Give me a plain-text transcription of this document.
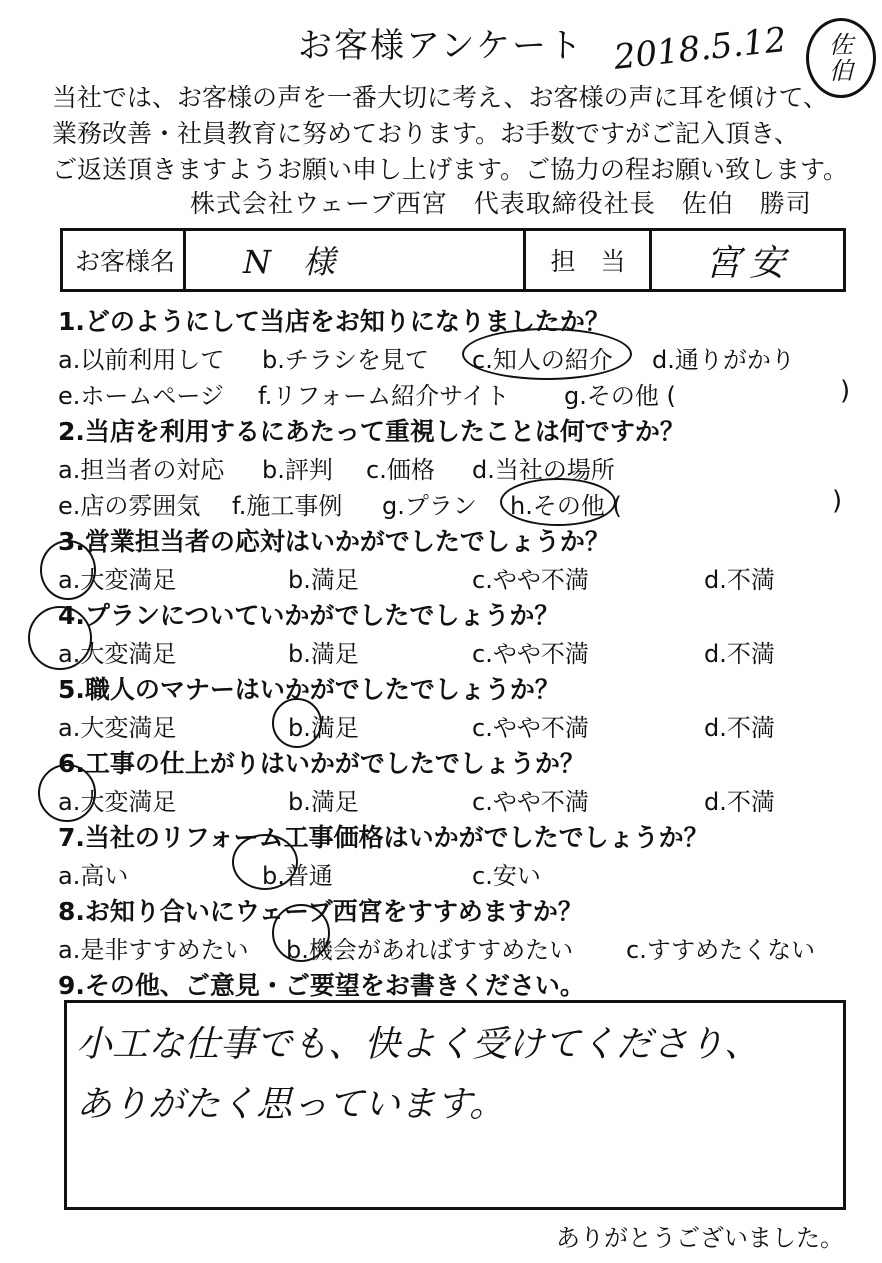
お客様アンケート 2018.5.12 佐
伯
当社では、お客様の声を一番大切に考え、お客様の声に耳を傾けて、
業務改善・社員教育に努めております。お手数ですがご記入頂き、
ご返送頂きますようお願い申し上げます。ご協力の程お願い致します。
株式会社ウェーブ西宮　代表取締役社長　佐伯　勝司
お客様名 N　様	担　当	宮安
1.どのようにして当店をお知りになりましたか？
a.以前利用して b.チラシを見て c.知人の紹介 d.通りがかり
e.ホームページ f.リフォーム紹介サイト g.その他 (	)
2.当店を利用するにあたって重視したことは何ですか？
a.担当者の対応 b.評判 c.価格 d.当社の場所
e.店の雰囲気 f.施工事例 g.プラン h.その他 (	)
3.営業担当者の応対はいかがでしたでしょうか？
a.大変満足	b.満足	c.やや不満	d.不満
4.プランについていかがでしたでしょうか？
a.大変満足	b.満足	c.やや不満	d.不満
5.職人のマナーはいかがでしたでしょうか？
a.大変満足	b.満足	c.やや不満	d.不満
6.工事の仕上がりはいかがでしたでしょうか？
a.大変満足	b.満足	c.やや不満	d.不満
7.当社のリフォーム工事価格はいかがでしたでしょうか？
a.高い	b.普通	c.安い
8.お知り合いにウェーブ西宮をすすめますか？
a.是非すすめたい b.機会があればすすめたい c.すすめたくない
9.その他、ご意見・ご要望をお書きください。
小工な仕事でも、快よく受けてくださり、
ありがたく思っています。
ありがとうございました。
